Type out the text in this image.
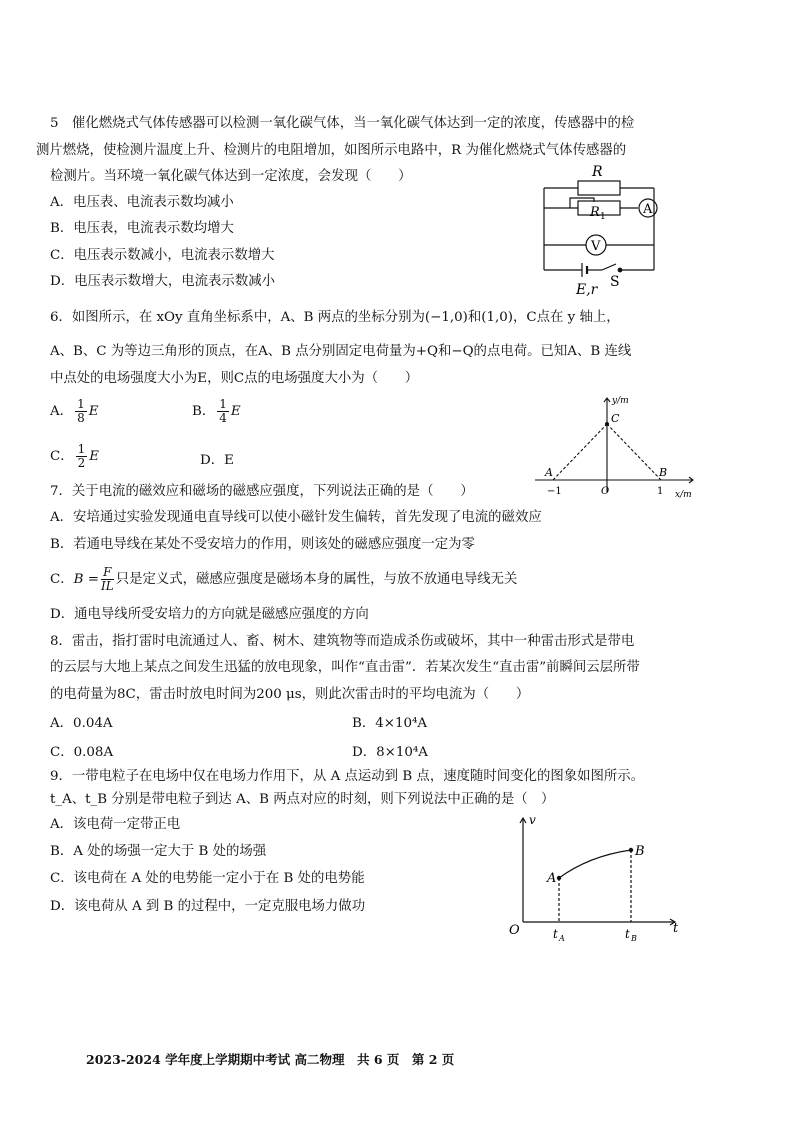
5　催化燃烧式气体传感器可以检测一氧化碳气体，当一氧化碳气体达到一定的浓度，传感器中的检
测片燃烧，使检测片温度上升、检测片的电阻增加，如图所示电路中，R 为催化燃烧式气体传感器的
检测片。当环境一氧化碳气体达到一定浓度，会发现（　　）
A．电压表、电流表示数均减小
B．电压表，电流表示数均增大
C．电压表示数减小，电流表示数增大
D．电压表示数增大，电流表示数减小
R
R 1	A
V
E,r S
6．如图所示，在 xOy 直角坐标系中，A、B 两点的坐标分别为(−1,0)和(1,0)，C点在 y 轴上，
A、B、C 为等边三角形的顶点，在A、B 点分别固定电荷量为+Q和−Q的点电荷。已知A、B 连线
中点处的电场强度大小为E，则C点的电场强度大小为（　　）
A． $\frac{1}{8}$ E	B． $\frac{1}{4}$ E
C． $\frac{1}{2}$ E	D．E
y/m
x/m
C
A	B
−1	O	1
7．关于电流的磁效应和磁场的磁感应强度，下列说法正确的是（　　）
A．安培通过实验发现通电直导线可以使小磁针发生偏转，首先发现了电流的磁效应
B．若通电导线在某处不受安培力的作用，则该处的磁感应强度一定为零
C．$B = \frac{F}{IL}$ 只是定义式，磁感应强度是磁场本身的属性，与放不放通电导线无关
D．通电导线所受安培力的方向就是磁感应强度的方向
8．雷击，指打雷时电流通过人、畜、树木、建筑物等而造成杀伤或破坏，其中一种雷击形式是带电
的云层与大地上某点之间发生迅猛的放电现象，叫作“直击雷”．若某次发生“直击雷”前瞬间云层所带
的电荷量为8C，雷击时放电时间为200 μs，则此次雷击时的平均电流为（　　）
A．0.04A	B．4×10⁴A
C．0.08A	D．8×10⁴A
9．一带电粒子在电场中仅在电场力作用下，从 A 点运动到 B 点，速度随时间变化的图象如图所示。
t_A、t_B 分别是带电粒子到达 A、B 两点对应的时刻，则下列说法中正确的是（　）
A．该电荷一定带正电
B．A 处的场强一定大于 B 处的场强
C．该电荷在 A 处的电势能一定小于在 B 处的电势能
D．该电荷从 A 到 B 的过程中，一定克服电场力做功
v
t
O
A
B
t A	t B
2023-2024 学年度上学期期中考试 高二物理　共 6 页　第 2 页
